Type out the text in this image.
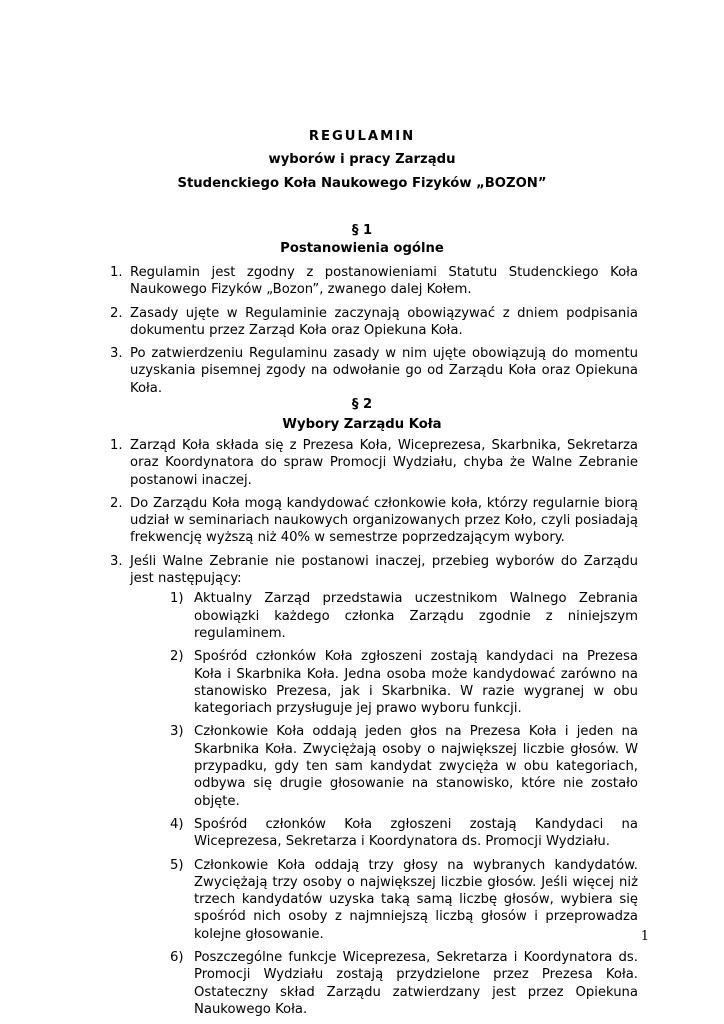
REGULAMIN

wyborów i pracy Zarządu

Studenckiego Koła Naukowego Fizyków „BOZON”

§ 1

Postanowienia ogólne

1. Regulamin jest zgodny z postanowieniami Statutu Studenckiego Koła Naukowego Fizyków „Bozon”, zwanego dalej Kołem.
2. Zasady ujęte w Regulaminie zaczynają obowiązywać z dniem podpisania dokumentu przez Zarząd Koła oraz Opiekuna Koła.
3. Po zatwierdzeniu Regulaminu zasady w nim ujęte obowiązują do momentu uzyskania pisemnej zgody na odwołanie go od Zarządu Koła oraz Opiekuna Koła.

§ 2

Wybory Zarządu Koła

1. Zarząd Koła składa się z Prezesa Koła, Wiceprezesa, Skarbnika, Sekretarza oraz Koordynatora do spraw Promocji Wydziału, chyba że Walne Zebranie postanowi inaczej.
2. Do Zarządu Koła mogą kandydować członkowie koła, którzy regularnie biorą udział w seminariach naukowych organizowanych przez Koło, czyli posiadają frekwencję wyższą niż 40% w semestrze poprzedzającym wybory.
3. Jeśli Walne Zebranie nie postanowi inaczej, przebieg wyborów do Zarządu jest następujący:
1) Aktualny Zarząd przedstawia uczestnikom Walnego Zebrania obowiązki każdego członka Zarządu zgodnie z niniejszym regulaminem.
2) Spośród członków Koła zgłoszeni zostają kandydaci na Prezesa Koła i Skarbnika Koła. Jedna osoba może kandydować zarówno na stanowisko Prezesa, jak i Skarbnika. W razie wygranej w obu kategoriach przysługuje jej prawo wyboru funkcji.
3) Członkowie Koła oddają jeden głos na Prezesa Koła i jeden na Skarbnika Koła. Zwyciężają osoby o największej liczbie głosów. W przypadku, gdy ten sam kandydat zwycięża w obu kategoriach, odbywa się drugie głosowanie na stanowisko, które nie zostało objęte.
4) Spośród członków Koła zgłoszeni zostają Kandydaci na Wiceprezesa, Sekretarza i Koordynatora ds. Promocji Wydziału.
5) Członkowie Koła oddają trzy głosy na wybranych kandydatów. Zwyciężają trzy osoby o największej liczbie głosów. Jeśli więcej niż trzech kandydatów uzyska taką samą liczbę głosów, wybiera się spośród nich osoby z najmniejszą liczbą głosów i przeprowadza kolejne głosowanie.
6) Poszczególne funkcje Wiceprezesa, Sekretarza i Koordynatora ds. Promocji Wydziału zostają przydzielone przez Prezesa Koła. Ostateczny skład Zarządu zatwierdzany jest przez Opiekuna Naukowego Koła.
1
